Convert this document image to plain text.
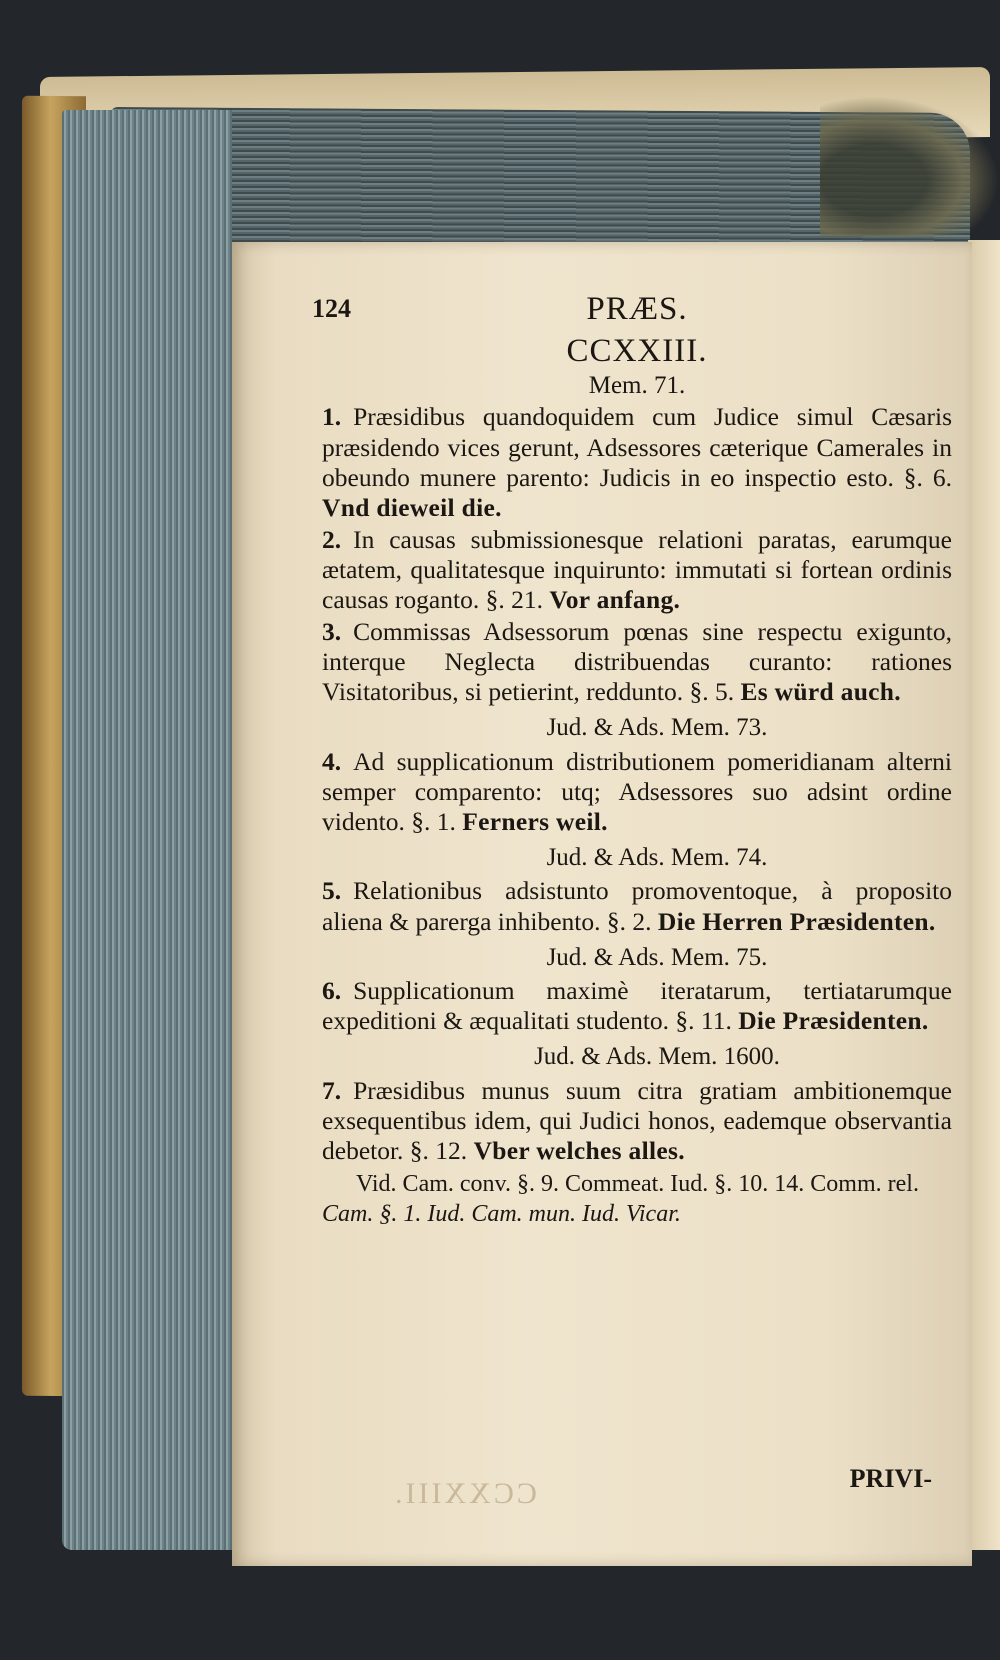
124	PRÆS.
CCXXIII.
Mem. 71.
1. Præsidibus quandoquidem cum Judice simul Cæsaris præsidendo vices gerunt, Adsessores cæterique Camerales in obeundo munere parento: Judicis in eo inspectio esto. §. 6. Vnd dieweil die.
2. In causas submissionesque relationi paratas, earumque ætatem, qualitatesque inquirunto: immutati si fortean ordinis causas roganto. §. 21. Vor anfang.
3. Commissas Adsessorum pœnas sine respectu exigunto, interque Neglecta distribuendas curanto: rationes Visitatoribus, si petierint, reddunto. §. 5. Es würd auch.
Jud. & Ads. Mem. 73.
4. Ad supplicationum distributionem pomeridianam alterni semper comparento: utq; Adsessores suo adsint ordine vidento. §. 1. Ferners weil.
Jud. & Ads. Mem. 74.
5. Relationibus adsistunto promoventoque, à proposito aliena & parerga inhibento. §. 2. Die Herren Præsidenten.
Jud. & Ads. Mem. 75.
6. Supplicationum maximè iteratarum, tertiatarumque expeditioni & æqualitati studento. §. 11. Die Præsidenten.
Jud. & Ads. Mem. 1600.
7. Præsidibus munus suum citra gratiam ambitionemque exsequentibus idem, qui Judici honos, eademque observantia debetor. §. 12. Vber welches alles.
Vid. Cam. conv. §. 9. Commeat. Iud. §. 10. 14. Comm. rel.
Cam. §. 1. Iud. Cam. mun. Iud. Vicar.
PRIVI-
CCXXIII.
